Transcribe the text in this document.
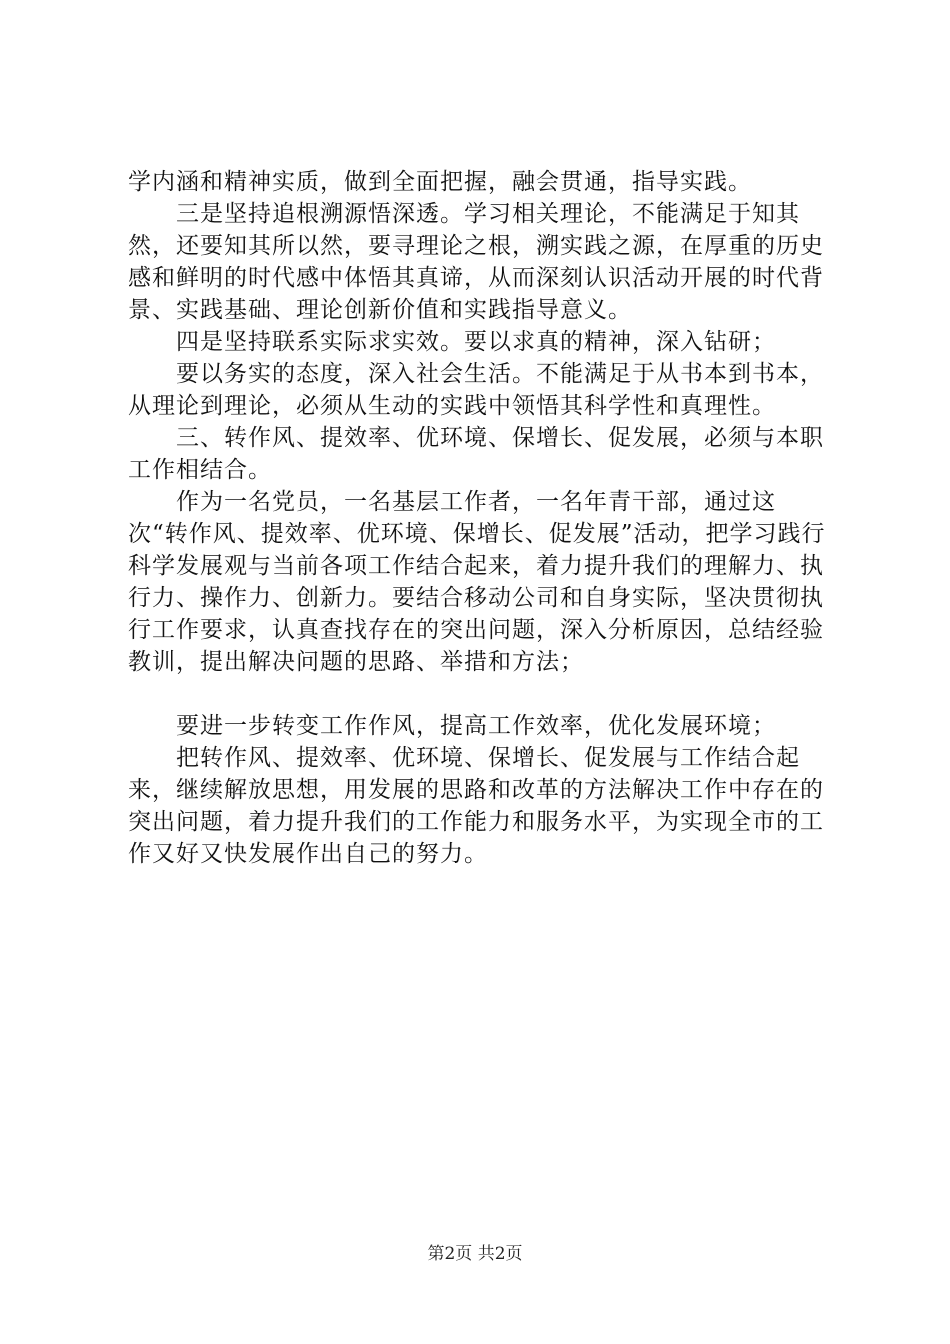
学内涵和精神实质，做到全面把握，融会贯通，指导实践。

　　三是坚持追根溯源悟深透。学习相关理论，不能满足于知其然，还要知其所以然，要寻理论之根，溯实践之源，在厚重的历史感和鲜明的时代感中体悟其真谛，从而深刻认识活动开展的时代背景、实践基础、理论创新价值和实践指导意义。

　　四是坚持联系实际求实效。要以求真的精神，深入钻研；

　　要以务实的态度，深入社会生活。不能满足于从书本到书本，从理论到理论，必须从生动的实践中领悟其科学性和真理性。

　　三、转作风、提效率、优环境、保增长、促发展，必须与本职工作相结合。

　　作为一名党员，一名基层工作者，一名年青干部，通过这次“转作风、提效率、优环境、保增长、促发展”活动，把学习践行科学发展观与当前各项工作结合起来，着力提升我们的理解力、执行力、操作力、创新力。要结合移动公司和自身实际，坚决贯彻执行工作要求，认真查找存在的突出问题，深入分析原因，总结经验教训，提出解决问题的思路、举措和方法；

　　要进一步转变工作作风，提高工作效率，优化发展环境；

　　把转作风、提效率、优环境、保增长、促发展与工作结合起来，继续解放思想，用发展的思路和改革的方法解决工作中存在的突出问题，着力提升我们的工作能力和服务水平，为实现全市的工作又好又快发展作出自己的努力。

第2页 共2页
